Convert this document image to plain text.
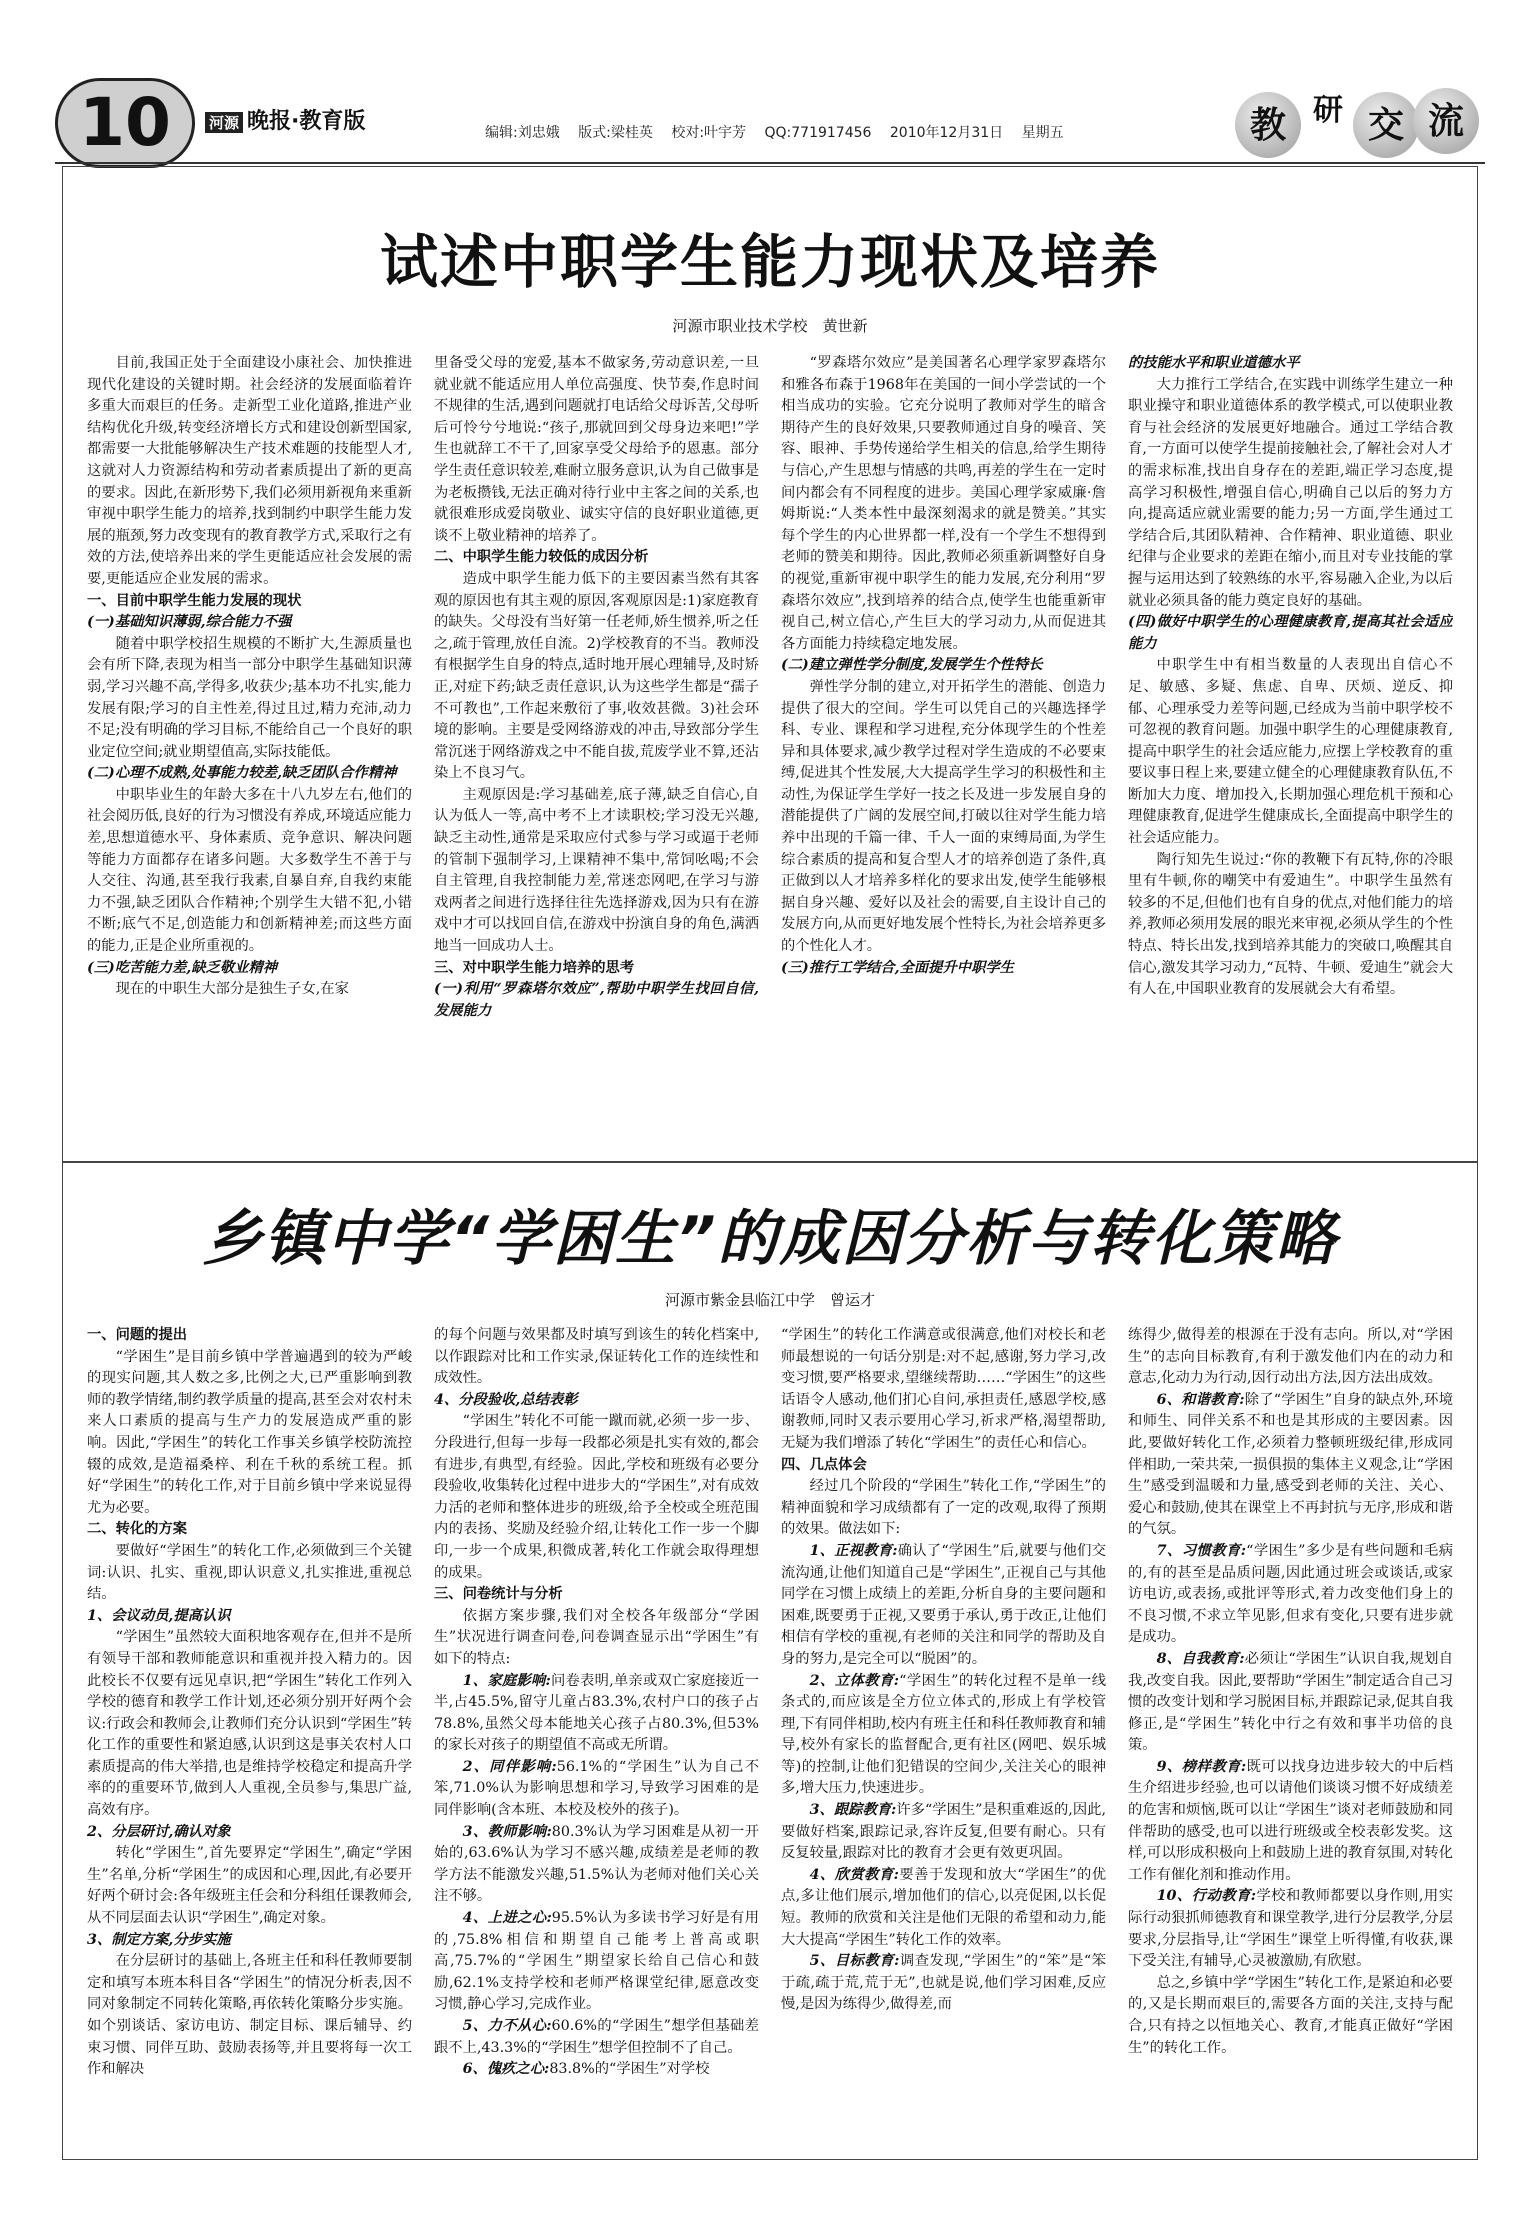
10	河源 晚报·教育版	编辑:刘忠娥 版式:梁桂英 校对:叶宇芳 QQ:771917456 2010年12月31日 星期五	教 研 交 流
试述中职学生能力现状及培养
河源市职业技术学校　黄世新

目前,我国正处于全面建设小康社会、加快推进现代化建设的关键时期。社会经济的发展面临着许多重大而艰巨的任务。走新型工业化道路,推进产业结构优化升级,转变经济增长方式和建设创新型国家,都需要一大批能够解决生产技术难题的技能型人才,这就对人力资源结构和劳动者素质提出了新的更高的要求。因此,在新形势下,我们必须用新视角来重新审视中职学生能力的培养,找到制约中职学生能力发展的瓶颈,努力改变现有的教育教学方式,采取行之有效的方法,使培养出来的学生更能适应社会发展的需要,更能适应企业发展的需求。

一、目前中职学生能力发展的现状

(一)基础知识薄弱,综合能力不强

随着中职学校招生规模的不断扩大,生源质量也会有所下降,表现为相当一部分中职学生基础知识薄弱,学习兴趣不高,学得多,收获少;基本功不扎实,能力发展有限;学习的自主性差,得过且过,精力充沛,动力不足;没有明确的学习目标,不能给自己一个良好的职业定位空间;就业期望值高,实际技能低。

(二)心理不成熟,处事能力较差,缺乏团队合作精神

中职毕业生的年龄大多在十八九岁左右,他们的社会阅历低,良好的行为习惯没有养成,环境适应能力差,思想道德水平、身体素质、竞争意识、解决问题等能力方面都存在诸多问题。大多数学生不善于与人交往、沟通,甚至我行我素,自暴自弃,自我约束能力不强,缺乏团队合作精神;个别学生大错不犯,小错不断;底气不足,创造能力和创新精神差;而这些方面的能力,正是企业所重视的。

(三)吃苦能力差,缺乏敬业精神

现在的中职生大部分是独生子女,在家

里备受父母的宠爱,基本不做家务,劳动意识差,一旦就业就不能适应用人单位高强度、快节奏,作息时间不规律的生活,遇到问题就打电话给父母诉苦,父母听后可怜兮兮地说:“孩子,那就回到父母身边来吧!”学生也就辞工不干了,回家享受父母给予的恩惠。部分学生责任意识较差,难耐立服务意识,认为自己做事是为老板攒钱,无法正确对待行业中主客之间的关系,也就很难形成爱岗敬业、诚实守信的良好职业道德,更谈不上敬业精神的培养了。

二、中职学生能力较低的成因分析

造成中职学生能力低下的主要因素当然有其客观的原因也有其主观的原因,客观原因是:1)家庭教育的缺失。父母没有当好第一任老师,娇生惯养,听之任之,疏于管理,放任自流。2)学校教育的不当。教师没有根据学生自身的特点,适时地开展心理辅导,及时矫正,对症下药;缺乏责任意识,认为这些学生都是“孺子不可教也”,工作起来敷衍了事,收效甚微。3)社会环境的影响。主要是受网络游戏的冲击,导致部分学生常沉迷于网络游戏之中不能自拔,荒废学业不算,还沾染上不良习气。

主观原因是:学习基础差,底子薄,缺乏自信心,自认为低人一等,高中考不上才读职校;学习没无兴趣,缺乏主动性,通常是采取应付式参与学习或逼于老师的管制下强制学习,上课精神不集中,常饲吆喝;不会自主管理,自我控制能力差,常迷恋网吧,在学习与游戏两者之间进行选择往往先选择游戏,因为只有在游戏中才可以找回自信,在游戏中扮演自身的角色,满洒地当一回成功人士。

三、对中职学生能力培养的思考

(一)利用“罗森塔尔效应”,帮助中职学生找回自信,发展能力

“罗森塔尔效应”是美国著名心理学家罗森塔尔和雅各布森于1968年在美国的一间小学尝试的一个相当成功的实验。它充分说明了教师对学生的暗含期待产生的良好效果,只要教师通过自身的噪音、笑容、眼神、手势传递给学生相关的信息,给学生期待与信心,产生思想与情感的共鸣,再差的学生在一定时间内都会有不同程度的进步。美国心理学家威廉·詹姆斯说:“人类本性中最深刻渴求的就是赞美。”其实每个学生的内心世界都一样,没有一个学生不想得到老师的赞美和期待。因此,教师必须重新调整好自身的视觉,重新审视中职学生的能力发展,充分利用“罗森塔尔效应”,找到培养的结合点,使学生也能重新审视自己,树立信心,产生巨大的学习动力,从而促进其各方面能力持续稳定地发展。

(二)建立弹性学分制度,发展学生个性特长

弹性学分制的建立,对开拓学生的潜能、创造力提供了很大的空间。学生可以凭自己的兴趣选择学科、专业、课程和学习进程,充分体现学生的个性差异和具体要求,减少教学过程对学生造成的不必要束缚,促进其个性发展,大大提高学生学习的积极性和主动性,为保证学生学好一技之长及进一步发展自身的潜能提供了广阔的发展空间,打破以往对学生能力培养中出现的千篇一律、千人一面的束缚局面,为学生综合素质的提高和复合型人才的培养创造了条件,真正做到以人才培养多样化的要求出发,使学生能够根据自身兴趣、爱好以及社会的需要,自主设计自己的发展方向,从而更好地发展个性特长,为社会培养更多的个性化人才。

(三)推行工学结合,全面提升中职学生

的技能水平和职业道德水平

大力推行工学结合,在实践中训练学生建立一种职业操守和职业道德体系的教学模式,可以使职业教育与社会经济的发展更好地融合。通过工学结合教育,一方面可以使学生提前接触社会,了解社会对人才的需求标准,找出自身存在的差距,端正学习态度,提高学习积极性,增强自信心,明确自己以后的努力方向,提高适应就业需要的能力;另一方面,学生通过工学结合后,其团队精神、合作精神、职业道德、职业纪律与企业要求的差距在缩小,而且对专业技能的掌握与运用达到了较熟练的水平,容易融入企业,为以后就业必须具备的能力奠定良好的基础。

(四)做好中职学生的心理健康教育,提高其社会适应能力

中职学生中有相当数量的人表现出自信心不足、敏感、多疑、焦虑、自卑、厌烦、逆反、抑郁、心理承受力差等问题,已经成为当前中职学校不可忽视的教育问题。加强中职学生的心理健康教育,提高中职学生的社会适应能力,应摆上学校教育的重要议事日程上来,要建立健全的心理健康教育队伍,不断加大力度、增加投入,长期加强心理危机干预和心理健康教育,促进学生健康成长,全面提高中职学生的社会适应能力。

陶行知先生说过:“你的教鞭下有瓦特,你的冷眼里有牛顿,你的嘲笑中有爱迪生”。中职学生虽然有较多的不足,但他们也有自身的优点,对他们能力的培养,教师必须用发展的眼光来审视,必须从学生的个性特点、特长出发,找到培养其能力的突破口,唤醒其自信心,激发其学习动力,“瓦特、牛顿、爱迪生”就会大有人在,中国职业教育的发展就会大有希望。

乡镇中学“学困生”的成因分析与转化策略
河源市紫金县临江中学　曾运才

一、问题的提出

“学困生”是目前乡镇中学普遍遇到的较为严峻的现实问题,其人数之多,比例之大,已严重影响到教师的教学情绪,制约教学质量的提高,甚至会对农村未来人口素质的提高与生产力的发展造成严重的影响。因此,“学困生”的转化工作事关乡镇学校防流控辍的成效,是造福桑梓、利在千秋的系统工程。抓好“学困生”的转化工作,对于目前乡镇中学来说显得尤为必要。

二、转化的方案

要做好“学困生”的转化工作,必须做到三个关键词:认识、扎实、重视,即认识意义,扎实推进,重视总结。

1、会议动员,提高认识

“学困生”虽然较大面积地客观存在,但并不是所有领导干部和教师能意识和重视并投入精力的。因此校长不仅要有远见卓识,把“学困生”转化工作列入学校的德育和教学工作计划,还必须分别开好两个会议:行政会和教师会,让教师们充分认识到“学困生”转化工作的重要性和紧迫感,认识到这是事关农村人口素质提高的伟大举措,也是维持学校稳定和提高升学率的的重要环节,做到人人重视,全员参与,集思广益,高效有序。

2、分层研讨,确认对象

转化“学困生”,首先要界定“学困生”,确定“学困生”名单,分析“学困生”的成因和心理,因此,有必要开好两个研讨会:各年级班主任会和分科组任课教师会,从不同层面去认识“学困生”,确定对象。

3、制定方案,分步实施

在分层研讨的基础上,各班主任和科任教师要制定和填写本班本科目各“学困生”的情况分析表,因不同对象制定不同转化策略,再依转化策略分步实施。如个别谈话、家访电访、制定目标、课后辅导、约束习惯、同伴互助、鼓励表扬等,并且要将每一次工作和解决

的每个问题与效果都及时填写到该生的转化档案中,以作跟踪对比和工作实录,保证转化工作的连续性和成效性。

4、分段验收,总结表彰

“学困生”转化不可能一蹴而就,必须一步一步、分段进行,但每一步每一段都必须是扎实有效的,都会有进步,有典型,有经验。因此,学校和班级有必要分段验收,收集转化过程中进步大的“学困生”,对有成效力活的老师和整体进步的班级,给予全校或全班范围内的表扬、奖励及经验介绍,让转化工作一步一个脚印,一步一个成果,积微成著,转化工作就会取得理想的成果。

三、问卷统计与分析

依据方案步骤,我们对全校各年级部分“学困生”状况进行调查问卷,问卷调查显示出“学困生”有如下的特点:

1、家庭影响:问卷表明,单亲或双亡家庭接近一半,占45.5%,留守儿童占83.3%,农村户口的孩子占78.8%,虽然父母本能地关心孩子占80.3%,但53%的家长对孩子的期望值不高或无所谓。

2、同伴影响:56.1%的“学困生”认为自己不笨,71.0%认为影响思想和学习,导致学习困难的是同伴影响(含本班、本校及校外的孩子)。

3、教师影响:80.3%认为学习困难是从初一开始的,63.6%认为学习不感兴趣,成绩差是老师的教学方法不能激发兴趣,51.5%认为老师对他们关心关注不够。

4、上进之心:95.5%认为多读书学习好是有用的,75.8%相信和期望自己能考上普高或职高,75.7%的“学困生”期望家长给自己信心和鼓励,62.1%支持学校和老师严格课堂纪律,愿意改变习惯,静心学习,完成作业。

5、力不从心:60.6%的“学困生”想学但基础差跟不上,43.3%的“学困生”想学但控制不了自己。

6、傀疚之心:83.8%的“学困生”对学校

“学困生”的转化工作满意或很满意,他们对校长和老师最想说的一句话分别是:对不起,感谢,努力学习,改变习惯,要严格要求,望继续帮助……“学困生”的这些话语令人感动,他们扪心自问,承担责任,感恩学校,感谢教师,同时又表示要用心学习,祈求严格,渴望帮助,无疑为我们增添了转化“学困生”的责任心和信心。

四、几点体会

经过几个阶段的“学困生”转化工作,“学困生”的精神面貌和学习成绩都有了一定的改观,取得了预期的效果。做法如下:

1、正视教育:确认了“学困生”后,就要与他们交流沟通,让他们知道自己是“学困生”,正视自己与其他同学在习惯上成绩上的差距,分析自身的主要问题和困难,既要勇于正视,又要勇于承认,勇于改正,让他们相信有学校的重视,有老师的关注和同学的帮助及自身的努力,是完全可以“脱困”的。

2、立体教育:“学困生”的转化过程不是单一线条式的,而应该是全方位立体式的,形成上有学校管理,下有同伴相助,校内有班主任和科任教师教育和辅导,校外有家长的监督配合,更有社区(网吧、娱乐城等)的控制,让他们犯错误的空间少,关注关心的眼神多,增大压力,快速进步。

3、跟踪教育:许多“学困生”是积重难返的,因此,要做好档案,跟踪记录,容许反复,但要有耐心。只有反复较量,跟踪对比的教育才会更有效更巩固。

4、欣赏教育:要善于发现和放大“学困生”的优点,多让他们展示,增加他们的信心,以亮促困,以长促短。教师的欣赏和关注是他们无限的希望和动力,能大大提高“学困生”转化工作的效率。

5、目标教育:调查发现,“学困生”的“笨”是“笨于疏,疏于荒,荒于无”,也就是说,他们学习困难,反应慢,是因为练得少,做得差,而

练得少,做得差的根源在于没有志向。所以,对“学困生”的志向目标教育,有利于激发他们内在的动力和意志,化动力为行动,因行动出方法,因方法出成效。

6、和谐教育:除了“学困生”自身的缺点外,环境和师生、同伴关系不和也是其形成的主要因素。因此,要做好转化工作,必须着力整顿班级纪律,形成同伴相助,一荣共荣,一损俱损的集体主义观念,让“学困生”感受到温暖和力量,感受到老师的关注、关心、爱心和鼓励,使其在课堂上不再封抗与无序,形成和谐的气氛。

7、习惯教育:“学困生”多少是有些问题和毛病的,有的甚至是品质问题,因此通过班会或谈话,或家访电访,或表扬,或批评等形式,着力改变他们身上的不良习惯,不求立竿见影,但求有变化,只要有进步就是成功。

8、自我教育:必须让“学困生”认识自我,规划自我,改变自我。因此,要帮助“学困生”制定适合自己习惯的改变计划和学习脱困目标,并跟踪记录,促其自我修正,是“学困生”转化中行之有效和事半功倍的良策。

9、榜样教育:既可以找身边进步较大的中后档生介绍进步经验,也可以请他们谈谈习惯不好成绩差的危害和烦恼,既可以让“学困生”谈对老师鼓励和同伴帮助的感受,也可以进行班级或全校表彰发奖。这样,可以形成积极向上和鼓励上进的教育氛围,对转化工作有催化剂和推动作用。

10、行动教育:学校和教师都要以身作则,用实际行动狠抓师德教育和课堂教学,进行分层教学,分层要求,分层指导,让“学困生”课堂上听得懂,有收获,课下受关注,有辅导,心灵被激励,有欣慰。

总之,乡镇中学“学困生”转化工作,是紧迫和必要的,又是长期而艰巨的,需要各方面的关注,支持与配合,只有持之以恒地关心、教育,才能真正做好“学困生”的转化工作。
